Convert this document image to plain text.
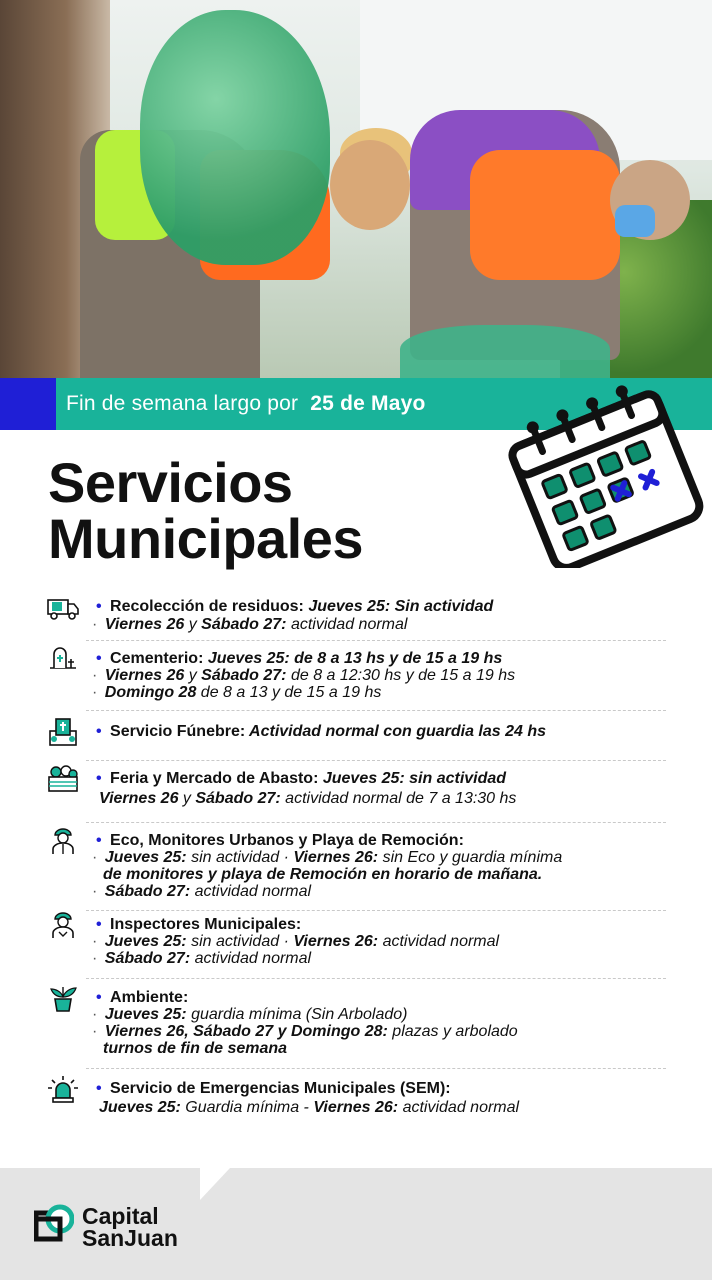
Fin de semana largo por 25 de Mayo
Servicios
Municipales
• Recolección de residuos: Jueves 25: Sin actividad
· Viernes 26 y Sábado 27: actividad normal
• Cementerio: Jueves 25: de 8 a 13 hs y de 15 a 19 hs
· Viernes 26 y Sábado 27: de 8 a 12:30 hs y de 15 a 19 hs
· Domingo 28 de 8 a 13 y de 15 a 19 hs
• Servicio Fúnebre: Actividad normal con guardia las 24 hs
• Feria y Mercado de Abasto: Jueves 25: sin actividad
Viernes 26 y Sábado 27: actividad normal de 7 a 13:30 hs
• Eco, Monitores Urbanos y Playa de Remoción:
· Jueves 25: sin actividad · Viernes 26: sin Eco y guardia mínima
de monitores y playa de Remoción en horario de mañana.
· Sábado 27: actividad normal
• Inspectores Municipales:
· Jueves 25: sin actividad · Viernes 26: actividad normal
· Sábado 27: actividad normal
• Ambiente:
· Jueves 25: guardia mínima (Sin Arbolado)
· Viernes 26, Sábado 27 y Domingo 28: plazas y arbolado
turnos de fin de semana
• Servicio de Emergencias Municipales (SEM):
Jueves 25: Guardia mínima - Viernes 26: actividad normal
Capital
SanJuan
